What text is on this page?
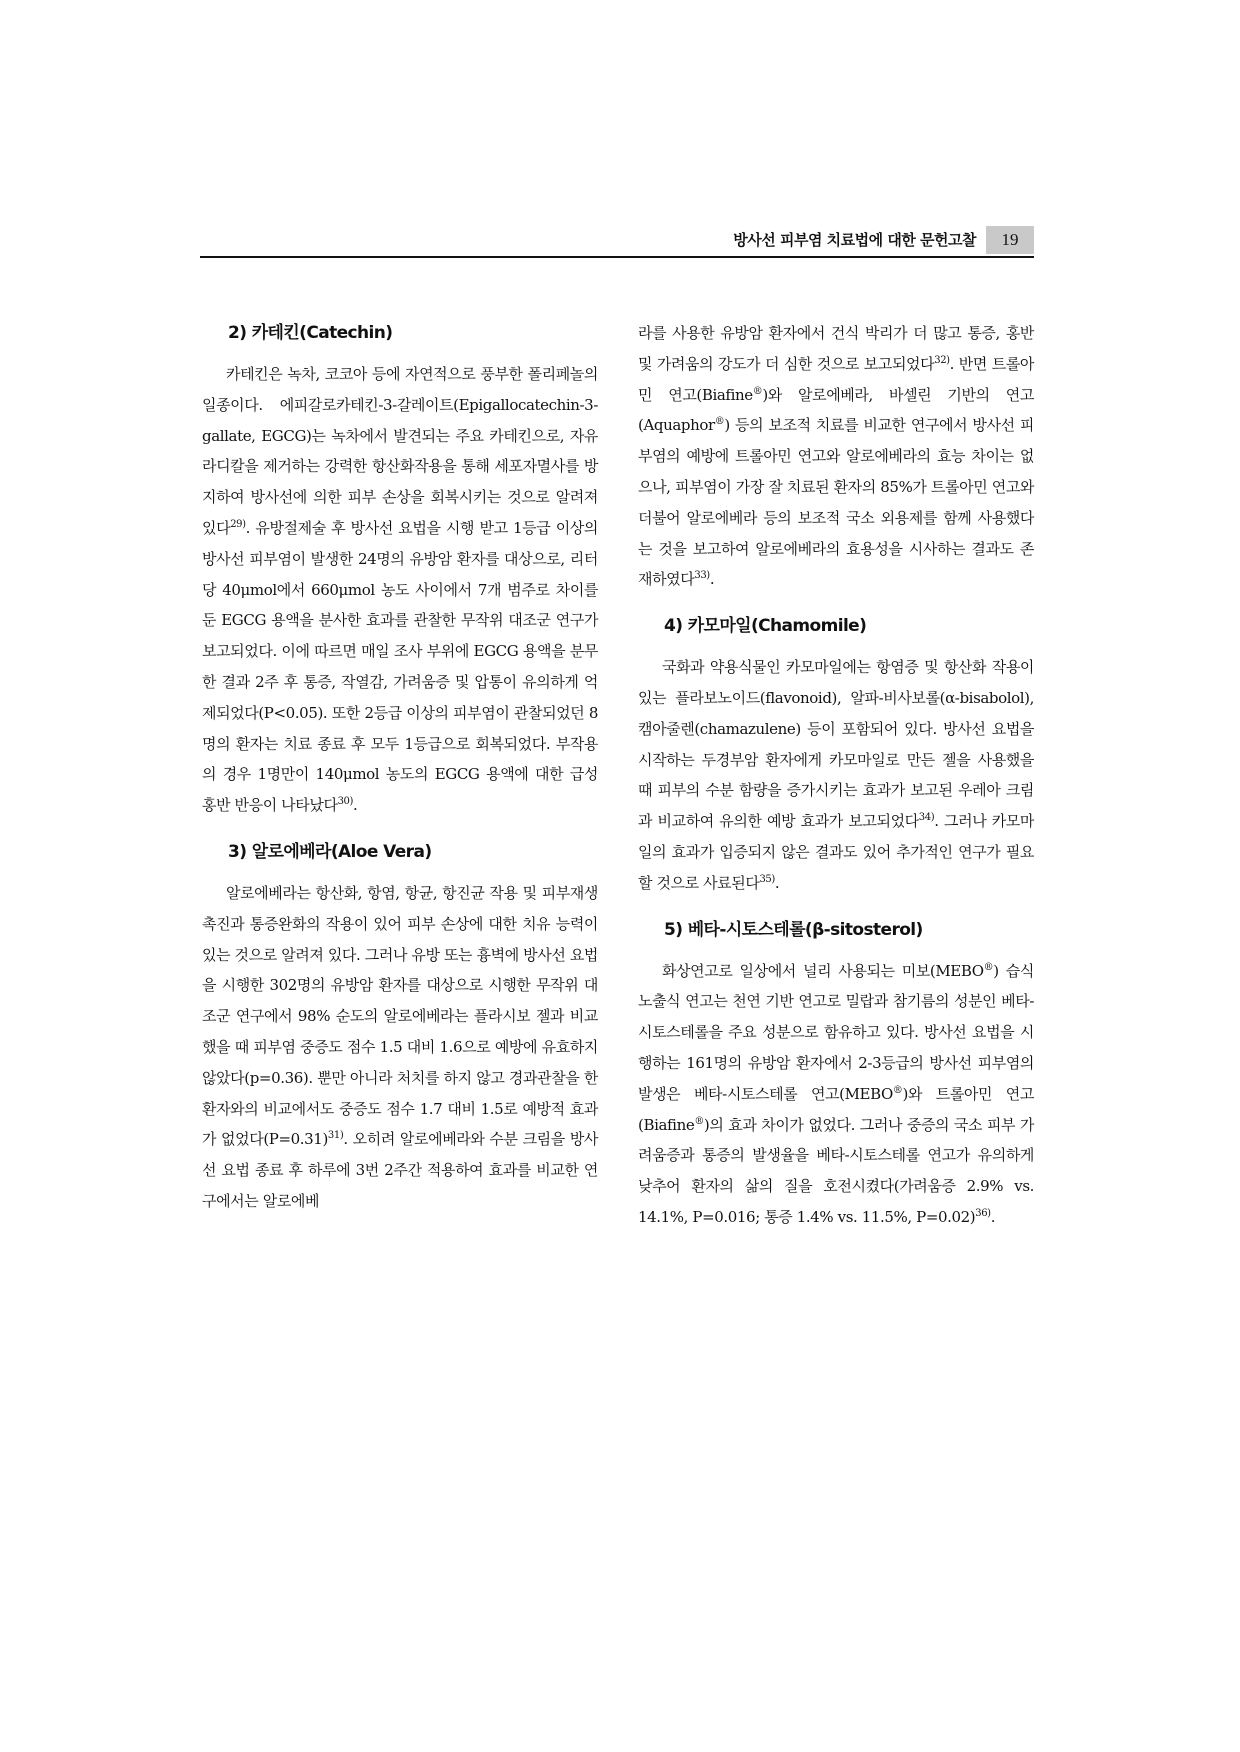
방사선 피부염 치료법에 대한 문헌고찰	19
2) 카테킨(Catechin)

카테킨은 녹차, 코코아 등에 자연적으로 풍부한 폴리페놀의 일종이다. 에피갈로카테킨-3-갈레이트(Epigallocatechin-3-gallate, EGCG)는 녹차에서 발견되는 주요 카테킨으로, 자유라디칼을 제거하는 강력한 항산화작용을 통해 세포자멸사를 방지하여 방사선에 의한 피부 손상을 회복시키는 것으로 알려져 있다$^{29)}$. 유방절제술 후 방사선 요법을 시행 받고 1등급 이상의 방사선 피부염이 발생한 24명의 유방암 환자를 대상으로, 리터 당 40μmol에서 660μmol 농도 사이에서 7개 범주로 차이를 둔 EGCG 용액을 분사한 효과를 관찰한 무작위 대조군 연구가 보고되었다. 이에 따르면 매일 조사 부위에 EGCG 용액을 분무한 결과 2주 후 통증, 작열감, 가려움증 및 압통이 유의하게 억제되었다(P<0.05). 또한 2등급 이상의 피부염이 관찰되었던 8명의 환자는 치료 종료 후 모두 1등급으로 회복되었다. 부작용의 경우 1명만이 140μmol 농도의 EGCG 용액에 대한 급성 홍반 반응이 나타났다$^{30)}$.

3) 알로에베라(Aloe Vera)

알로에베라는 항산화, 항염, 항균, 항진균 작용 및 피부재생 촉진과 통증완화의 작용이 있어 피부 손상에 대한 치유 능력이 있는 것으로 알려져 있다. 그러나 유방 또는 흉벽에 방사선 요법을 시행한 302명의 유방암 환자를 대상으로 시행한 무작위 대조군 연구에서 98% 순도의 알로에베라는 플라시보 젤과 비교했을 때 피부염 중증도 점수 1.5 대비 1.6으로 예방에 유효하지 않았다(p=0.36). 뿐만 아니라 처치를 하지 않고 경과관찰을 한 환자와의 비교에서도 중증도 점수 1.7 대비 1.5로 예방적 효과가 없었다(P=0.31)$^{31)}$. 오히려 알로에베라와 수분 크림을 방사선 요법 종료 후 하루에 3번 2주간 적용하여 효과를 비교한 연구에서는 알로에베

라를 사용한 유방암 환자에서 건식 박리가 더 많고 통증, 홍반 및 가려움의 강도가 더 심한 것으로 보고되었다$^{32)}$. 반면 트롤아민 연고(Biafine®)와 알로에베라, 바셀린 기반의 연고(Aquaphor®) 등의 보조적 치료를 비교한 연구에서 방사선 피부염의 예방에 트롤아민 연고와 알로에베라의 효능 차이는 없으나, 피부염이 가장 잘 치료된 환자의 85%가 트롤아민 연고와 더불어 알로에베라 등의 보조적 국소 외용제를 함께 사용했다는 것을 보고하여 알로에베라의 효용성을 시사하는 결과도 존재하였다$^{33)}$.

4) 카모마일(Chamomile)

국화과 약용식물인 카모마일에는 항염증 및 항산화 작용이 있는 플라보노이드(flavonoid), 알파-비사보롤(α-bisabolol), 캠아줄렌(chamazulene) 등이 포함되어 있다. 방사선 요법을 시작하는 두경부암 환자에게 카모마일로 만든 젤을 사용했을 때 피부의 수분 함량을 증가시키는 효과가 보고된 우레아 크림과 비교하여 유의한 예방 효과가 보고되었다$^{34)}$. 그러나 카모마일의 효과가 입증되지 않은 결과도 있어 추가적인 연구가 필요할 것으로 사료된다$^{35)}$.

5) 베타-시토스테롤(β-sitosterol)

화상연고로 일상에서 널리 사용되는 미보(MEBO®) 습식노출식 연고는 천연 기반 연고로 밀랍과 참기름의 성분인 베타-시토스테롤을 주요 성분으로 함유하고 있다. 방사선 요법을 시행하는 161명의 유방암 환자에서 2-3등급의 방사선 피부염의 발생은 베타-시토스테롤 연고(MEBO®)와 트롤아민 연고(Biafine®)의 효과 차이가 없었다. 그러나 중증의 국소 피부 가려움증과 통증의 발생율을 베타-시토스테롤 연고가 유의하게 낮추어 환자의 삶의 질을 호전시켰다(가려움증 2.9% vs. 14.1%, P=0.016; 통증 1.4% vs. 11.5%, P=0.02)$^{36)}$.
